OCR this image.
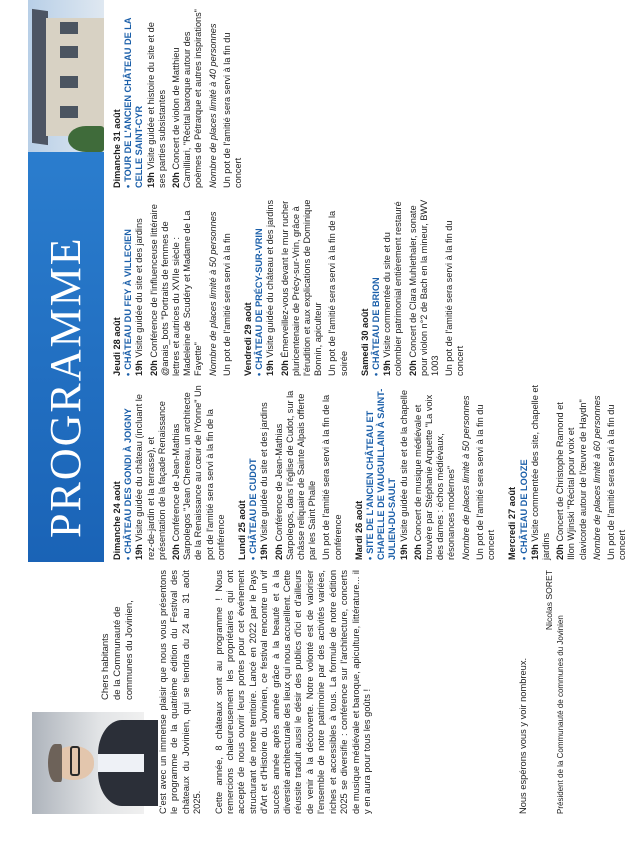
Chers habitants de la Communauté de communes du Jovinien, C'est avec un immense plaisir que nous vous présentons le programme de la quatrième édition du Festival des châteaux du Jovinien, qui se tiendra du 24 au 31 août 2025. Cette année, 8 châteaux sont au programme ! Nous remercions chaleureusement les propriétaires qui ont accepté de nous ouvrir leurs portes pour cet événement structurant de notre territoire. Lancé en 2022 par le Pays d'Art et d'Histoire du Jovinien, ce festival rencontre un vif succès année après année grâce à la beauté et à la diversité architecturale des lieux qui nous accueillent. Cette réussite traduit aussi le désir des publics d'ici et d'ailleurs de venir à la découverte. Notre volonté est de valoriser l'ensemble de notre patrimoine par des activités variées, riches et accessibles à tous. La formule de notre édition 2025 se diversifie : conférence sur l'architecture, concerts de musique médiévale et baroque, apiculture, littérature... il y en aura pour tous les goûts !	Nous espérons vous y voir nombreux.
Nicolas SORET
Président de la Communauté de communes du Jovinien
PROGRAMME Dimanche 24 août •CHÂTEAU DES GONDI À JOIGNY 19h Visite guidée du château (incluant le rez-de-jardin et la terrasse), et présentation de la façade Renaissance 20h Conférence de Jean-Mathias Sarpolegos "Jean Chereau, un architecte de la Renaissance au cœur de l'Yonne" Un pot de l'amitié sera servi à la fin de la conférence Lundi 25 août •CHÂTEAU DE CUDOT 19h Visite guidée du site et des jardins

20h Conférence de Jean-Mathias Sarpolegos, dans l'église de Cudot, sur la châsse reliquaire de Sainte Alpais offerte par les Saint Phalle Un pot de l'amitié sera servi à la fin de la conférence Mardi 26 août •SITE DE L'ANCIEN CHÂTEAU ET CHAPELLE DE VAUGUILLAIN À SAINT-JULIEN-DU-SAULT 19h Visite guidée du site et de la chapelle

20h Concert de musique médiévale et trouvère par Stéphanie Arquette "La voix des dames : échos médiévaux, résonances modernes" Nombre de places limité à 50 personnes Un pot de l'amitié sera servi à la fin du concert Mercredi 27 août •CHÂTEAU DE LOOZE 19h Visite commentée des site, chapelle et jardins 20h Concert de Christophe Ramond et Illon Wjinski "Récital pour voix et clavicorde autour de l'œuvre de Haydn" Nombre de places limité à 60 personnes Un pot de l'amitié sera servi à la fin du concert

Jeudi 28 août •CHÂTEAU DU FEY À VILLECIEN 19h Visite guidée du site et des jardins

20h Conférence de l'influenceuse littéraire @anais_bots "Portraits de femmes de lettres et autrices du XVIIe siècle : Madeleine de Scudéry et Madame de La Fayette" Nombre de places limité à 50 personnes Un pot de l'amitié sera servi à la fin Vendredi 29 août •CHÂTEAU DE PRÉCY-SUR-VRIN 19h Visite guidée du château et des jardins

20h Émerveillez-vous devant le mur rucher pluricentenaire de Précy-sur-Vrin, grâce à l'érudition et aux explications de Dominique Bonnin, apiculteur Un pot de l'amitié sera servi à la fin de la soirée Samedi 30 août •CHÂTEAU DE BRION 19h Visite commentée du site et du colombier patrimonial entièrement restauré 20h Concert de Clara Muhlethaler, sonate pour violon n°2 de Bach en la mineur, BWV 1003 Un pot de l'amitié sera servi à la fin du concert

Dimanche 31 août •TOUR DE L'ANCIEN CHÂTEAU DE LA CELLE SAINT-CYR 19h Visite guidée et histoire du site et de ses parties subsistantes 20h Concert de violon de Matthieu Camilliari, "Récital baroque autour des poèmes de Pétrarque et autres inspirations" Nombre de places limité à 40 personnes Un pot de l'amitié sera servi à la fin du concert
